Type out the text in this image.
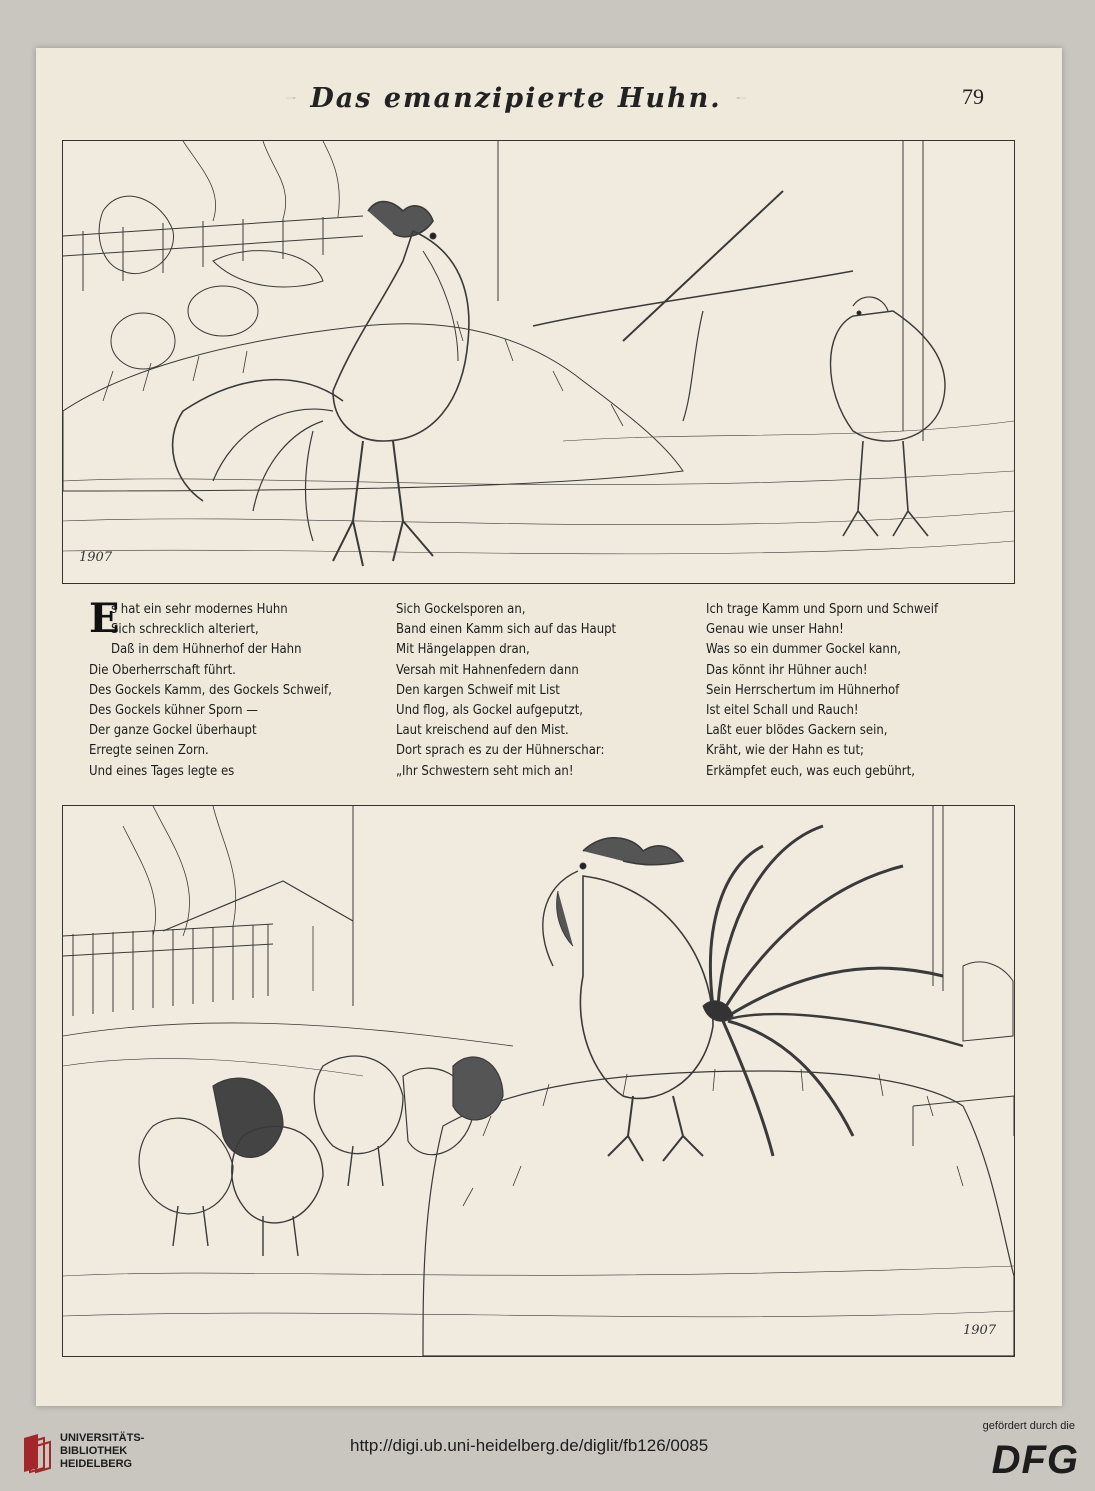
Das emanzipierte Huhn.	79
1907
E
s hat ein sehr modernes Huhn
Sich schrecklich alteriert,
Daß in dem Hühnerhof der Hahn
Die Oberherrschaft führt.
Des Gockels Kamm, des Gockels Schweif,
Des Gockels kühner Sporn —
Der ganze Gockel überhaupt
Erregte seinen Zorn.
Und eines Tages legte es
Sich Gockelsporen an,
Band einen Kamm sich auf das Haupt
Mit Hängelappen dran,
Versah mit Hahnenfedern dann
Den kargen Schweif mit List
Und flog, als Gockel aufgeputzt,
Laut kreischend auf den Mist.
Dort sprach es zu der Hühnerschar:
„Ihr Schwestern seht mich an!
Ich trage Kamm und Sporn und Schweif
Genau wie unser Hahn!
Was so ein dummer Gockel kann,
Das könnt ihr Hühner auch!
Sein Herrschertum im Hühnerhof
Ist eitel Schall und Rauch!
Laßt euer blödes Gackern sein,
Kräht, wie der Hahn es tut;
Erkämpfet euch, was euch gebührt,
1907
UNIVERSITÄTS-
BIBLIOTHEK
HEIDELBERG
http://digi.ub.uni-heidelberg.de/diglit/fb126/0085
gefördert durch die
DFG
